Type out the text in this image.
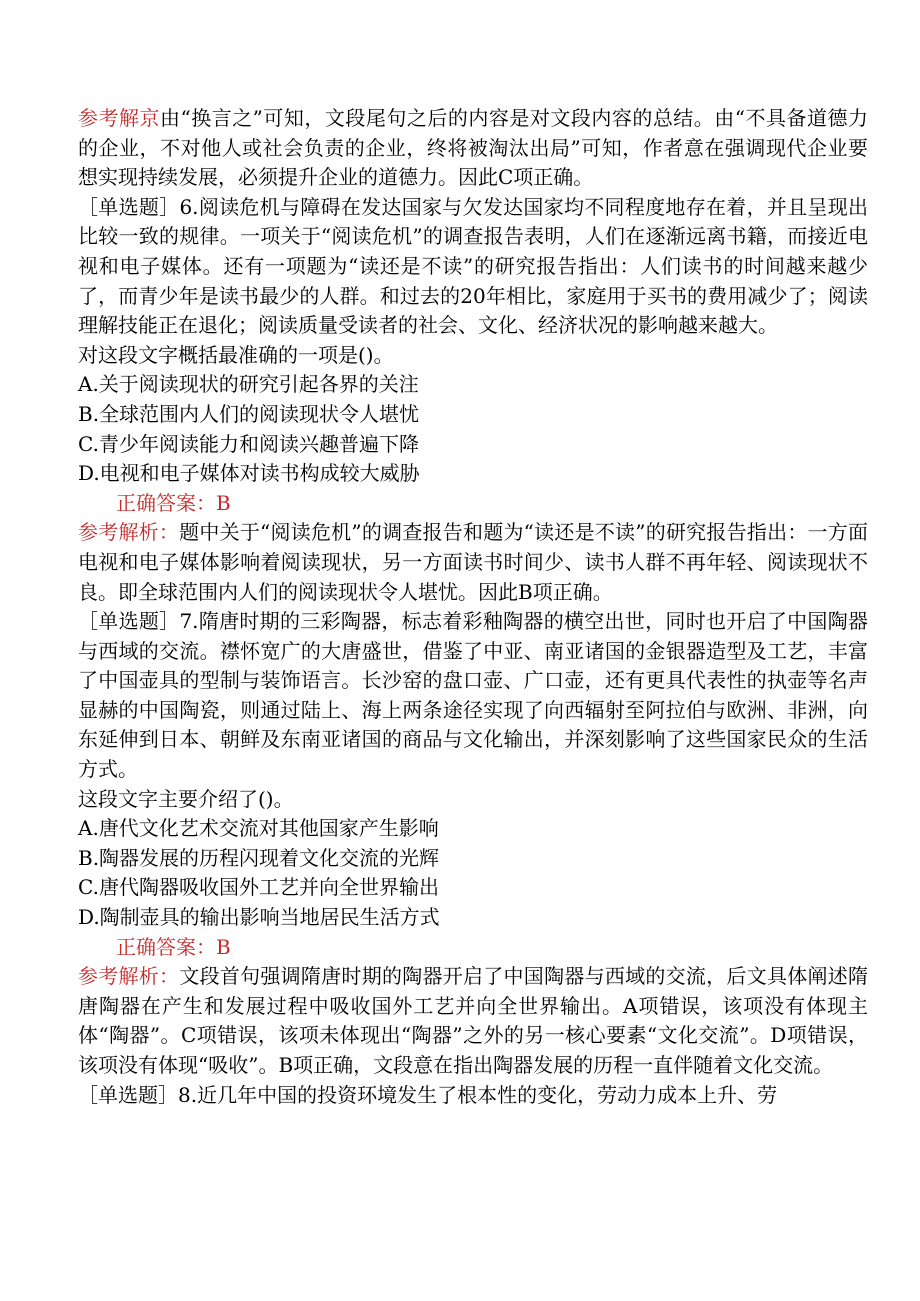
参考解京由“换言之”可知，文段尾句之后的内容是对文段内容的总结。由“不具备道德力的企业，不对他人或社会负责的企业，终将被淘汰出局”可知，作者意在强调现代企业要想实现持续发展，必须提升企业的道德力。因此C项正确。

［单选题］6.阅读危机与障碍在发达国家与欠发达国家均不同程度地存在着，并且呈现出比较一致的规律。一项关于“阅读危机”的调查报告表明，人们在逐渐远离书籍，而接近电视和电子媒体。还有一项题为“读还是不读”的研究报告指出：人们读书的时间越来越少了，而青少年是读书最少的人群。和过去的20年相比，家庭用于买书的费用减少了；阅读理解技能正在退化；阅读质量受读者的社会、文化、经济状况的影响越来越大。

对这段文字概括最准确的一项是()。

A.关于阅读现状的研究引起各界的关注

B.全球范围内人们的阅读现状令人堪忧

C.青少年阅读能力和阅读兴趣普遍下降

D.电视和电子媒体对读书构成较大威胁

正确答案：B

参考解析：题中关于“阅读危机”的调查报告和题为“读还是不读”的研究报告指出：一方面电视和电子媒体影响着阅读现状，另一方面读书时间少、读书人群不再年轻、阅读现状不良。即全球范围内人们的阅读现状令人堪忧。因此B项正确。

［单选题］7.隋唐时期的三彩陶器，标志着彩釉陶器的横空出世，同时也开启了中国陶器与西域的交流。襟怀宽广的大唐盛世，借鉴了中亚、南亚诸国的金银器造型及工艺，丰富了中国壶具的型制与装饰语言。长沙窑的盘口壶、广口壶，还有更具代表性的执壶等名声显赫的中国陶瓷，则通过陆上、海上两条途径实现了向西辐射至阿拉伯与欧洲、非洲，向东延伸到日本、朝鲜及东南亚诸国的商品与文化输出，并深刻影响了这些国家民众的生活方式。

这段文字主要介绍了()。

A.唐代文化艺术交流对其他国家产生影响

B.陶器发展的历程闪现着文化交流的光辉

C.唐代陶器吸收国外工艺并向全世界输出

D.陶制壶具的输出影响当地居民生活方式

正确答案：B

参考解析：文段首句强调隋唐时期的陶器开启了中国陶器与西域的交流，后文具体阐述隋唐陶器在产生和发展过程中吸收国外工艺并向全世界输出。A项错误，该项没有体现主体“陶器”。C项错误，该项未体现出“陶器”之外的另一核心要素“文化交流”。D项错误，该项没有体现“吸收”。B项正确，文段意在指出陶器发展的历程一直伴随着文化交流。

［单选题］8.近几年中国的投资环境发生了根本性的变化，劳动力成本上升、劳
